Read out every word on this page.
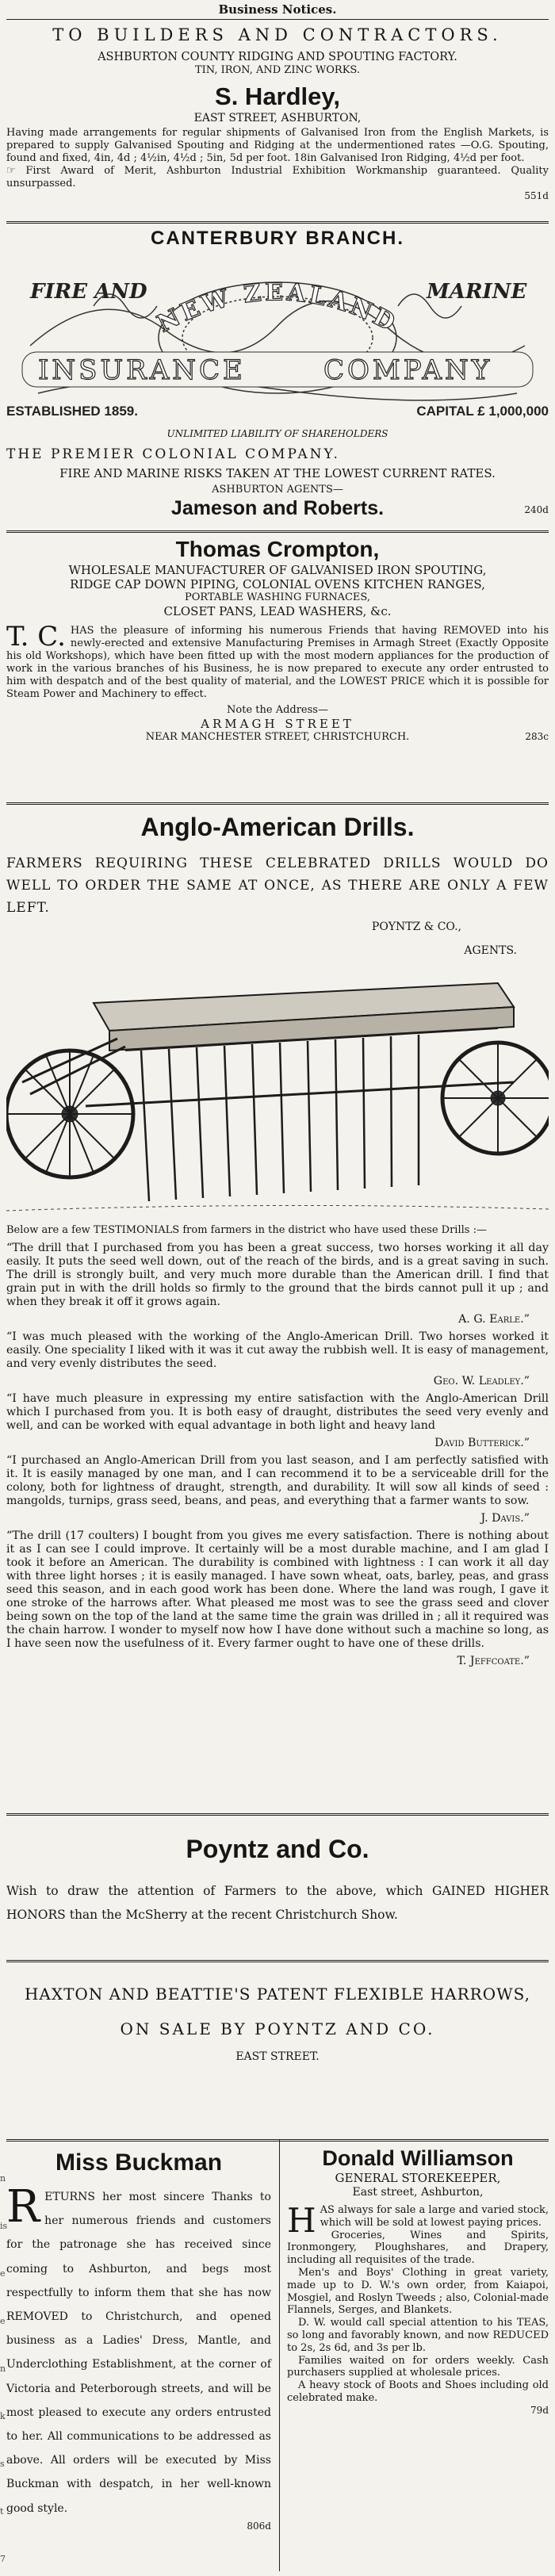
Business Notices.
TO BUILDERS AND CONTRACTORS.
ASHBURTON COUNTY RIDGING AND SPOUTING FACTORY.
TIN, IRON, AND ZINC WORKS.
S. Hardley,
EAST STREET, ASHBURTON,
Having made arrangements for regular shipments of Galvanised Iron from the English Markets, is prepared to supply Galvanised Spouting and Ridging at the undermentioned rates —O.G. Spouting, found and fixed, 4in, 4d ; 4½in, 4½d ; 5in, 5d per foot. 18in Galvanised Iron Ridging, 4½d per foot.
☞ First Award of Merit, Ashburton Industrial Exhibition Workmanship guaranteed. Quality unsurpassed.
551d
CANTERBURY BRANCH.
FIRE AND	MARINE
NEW ZEALAND
INSURANCE	COMPANY
ESTABLISHED 1859.	CAPITAL £ 1,000,000
UNLIMITED LIABILITY OF SHAREHOLDERS
THE PREMIER COLONIAL COMPANY.
FIRE AND MARINE RISKS TAKEN AT THE LOWEST CURRENT RATES.
ASHBURTON AGENTS—
Jameson and Roberts.	240d
Thomas Crompton,
WHOLESALE MANUFACTURER OF GALVANISED IRON SPOUTING,
RIDGE CAP DOWN PIPING, COLONIAL OVENS KITCHEN RANGES,
PORTABLE WASHING FURNACES,
CLOSET PANS, LEAD WASHERS, &c.
T. C. HAS the pleasure of informing his numerous Friends that having REMOVED into his newly-erected and extensive Manufacturing Premises in Armagh Street (Exactly Opposite his old Workshops), which have been fitted up with the most modern appliances for the production of work in the various branches of his Business, he is now prepared to execute any order entrusted to him with despatch and of the best quality of material, and the LOWEST PRICE which it is possible for Steam Power and Machinery to effect.
Note the Address—
ARMAGH STREET
NEAR MANCHESTER STREET, CHRISTCHURCH.	283c
Anglo-American Drills.
FARMERS REQUIRING THESE CELEBRATED DRILLS WOULD DO WELL TO ORDER THE SAME AT ONCE, AS THERE ARE ONLY A FEW LEFT.
POYNTZ & CO.,
AGENTS.
Below are a few TESTIMONIALS from farmers in the district who have used these Drills :—
“The drill that I purchased from you has been a great success, two horses working it all day easily. It puts the seed well down, out of the reach of the birds, and is a great saving in such. The drill is strongly built, and very much more durable than the American drill. I find that grain put in with the drill holds so firmly to the ground that the birds cannot pull it up ; and when they break it off it grows again.
A. G. Earle.”
“I was much pleased with the working of the Anglo-American Drill. Two horses worked it easily. One speciality I liked with it was it cut away the rubbish well. It is easy of management, and very evenly distributes the seed.
Geo. W. Leadley.”
“I have much pleasure in expressing my entire satisfaction with the Anglo-American Drill which I purchased from you. It is both easy of draught, distributes the seed very evenly and well, and can be worked with equal advantage in both light and heavy land
David Butterick.”
“I purchased an Anglo-American Drill from you last season, and I am perfectly satisfied with it. It is easily managed by one man, and I can recommend it to be a serviceable drill for the colony, both for lightness of draught, strength, and durability. It will sow all kinds of seed : mangolds, turnips, grass seed, beans, and peas, and everything that a farmer wants to sow.
J. Davis.”
“The drill (17 coulters) I bought from you gives me every satisfaction. There is nothing about it as I can see I could improve. It certainly will be a most durable machine, and I am glad I took it before an American. The durability is combined with lightness : I can work it all day with three light horses ; it is easily managed. I have sown wheat, oats, barley, peas, and grass seed this season, and in each good work has been done. Where the land was rough, I gave it one stroke of the harrows after. What pleased me most was to see the grass seed and clover being sown on the top of the land at the same time the grain was drilled in ; all it required was the chain harrow. I wonder to myself now how I have done without such a machine so long, as I have seen now the usefulness of it. Every farmer ought to have one of these drills.
T. Jeffcoate.”
Poyntz and Co.
Wish to draw the attention of Farmers to the above, which GAINED HIGHER HONORS than the McSherry at the recent Christchurch Show.
HAXTON AND BEATTIE'S PATENT FLEXIBLE HARROWS,
ON SALE BY POYNTZ AND CO.
EAST STREET.
Miss Buckman
R ETURNS her most sincere Thanks to her numerous friends and customers for the patronage she has received since coming to Ashburton, and begs most respectfully to inform them that she has now REMOVED to Christchurch, and opened business as a Ladies' Dress, Mantle, and Underclothing Establishment, at the corner of Victoria and Peterborough streets, and will be most pleased to execute any orders entrusted to her. All communications to be addressed as above. All orders will be executed by Miss Buckman with despatch, in her well-known good style.
806d
Donald Williamson
GENERAL STOREKEEPER,
East street, Ashburton,
H AS always for sale a large and varied stock, which will be sold at lowest paying prices.
Groceries, Wines and Spirits, Ironmongery, Ploughshares, and Drapery, including all requisites of the trade.
Men's and Boys' Clothing in great variety, made up to D. W.'s own order, from Kaiapoi, Mosgiel, and Roslyn Tweeds ; also, Colonial-made Flannels, Serges, and Blankets.
D. W. would call special attention to his TEAS, so long and favorably known, and now REDUCED to 2s, 2s 6d, and 3s per lb.
Families waited on for orders weekly. Cash purchasers supplied at wholesale prices.
A heavy stock of Boots and Shoes including old celebrated make.
79d
n
is
e
e
n
k
s
t
7
